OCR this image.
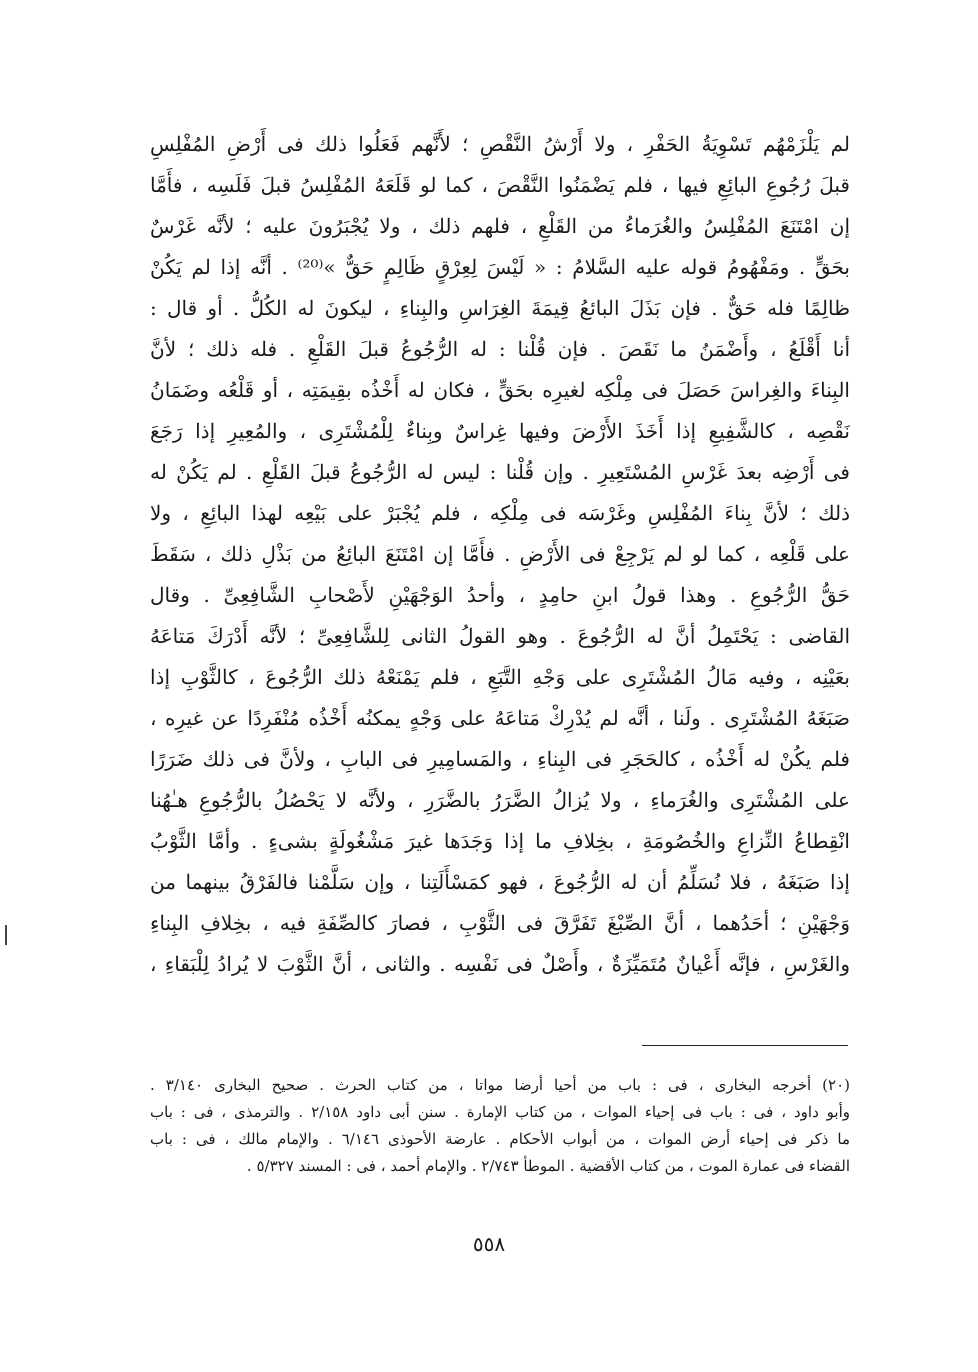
لم يَلْزَمْهُم تَسْوِيَةُ الحَفْرِ ، ولا أَرْشُ النَّقْصِ ؛ لأَنَّهم فَعَلُوا ذلك فى أَرْضِ المُفْلِسِ
قبلَ رُجُوعِ البائِعِ فيها ، فلم يَضْمَنُوا النَّقْصَ ، كما لو قَلَعَهُ المُفْلِسُ قبلَ فَلَسِه ، فأَمَّا
إن امْتَنَعَ المُفْلِسُ والغُرَماءُ من القَلْعِ ، فلهم ذلك ، ولا يُجْبَرُونَ عليه ؛ لأنَّه غَرْسٌ
بحَقٍّ . ومَفْهُومُ قوله عليه السَّلامُ : « لَيْسَ لِعِرْقٍ ظَالِمٍ حَقٌّ »⁽²⁰⁾ . أنَّه إذا لم يَكُنْ
ظالِمًا فله حَقٌّ . فإن بَذَلَ البائعُ قِيمَةَ الغِرَاسِ والبِناءِ ، ليكونَ له الكُلُّ . أو قال :
أنا أَقْلَعُ ، وأَضْمَنُ ما نَقَصَ . فإن قُلْنا : له الرُّجُوعُ قبلَ القَلْعِ . فله ذلك ؛ لأنَّ
البِناءَ والغِراسَ حَصَلَ فى مِلْكِه لغيرِه بحَقٍّ ، فكان له أَخْذُه بقِيمَتِه ، أو قَلْعُه وضَمَانُ
نَقْصِه ، كالشَّفِيعِ إذا أَخَذَ الأَرْضَ وفيها غِراسٌ وبِناءٌ لِلْمُشْتَرِى ، والمُعِيرِ إذا رَجَعَ
فى أَرْضِه بعدَ غَرْسِ المُسْتَعِيرِ . وإن قُلْنا : ليس له الرُّجُوعُ قبلَ القَلْعِ . لم يَكُنْ له
ذلك ؛ لأنَّ بِناءَ المُفْلِسِ وغَرْسَه فى مِلْكِه ، فلم يُجْبَرْ على بَيْعِه لهذا البائِعِ ، ولا
على قَلْعِه ، كما لو لم يَرْجِعْ فى الأَرْضِ . فأَمَّا إن امْتَنَعَ البائِعُ من بَذْلِ ذلك ، سَقَطَ
حَقُّ الرُّجُوعِ . وهذا قولُ ابنِ حامِدٍ ، وأحدُ الوَجْهَيْنِ لأَصْحابِ الشَّافِعِىِّ . وقال
القاضى : يَحْتَمِلُ أنَّ له الرُّجُوعَ . وهو القولُ الثانى لِلشَّافِعِىِّ ؛ لأنَّه أَدْرَكَ مَتاعَهُ
بعَيْنِه ، وفيه مَالُ المُشْتَرِى على وَجْهِ التَّبَعِ ، فلم يَمْنَعْهُ ذلك الرُّجُوعَ ، كالثَّوْبِ إذا
صَبَغَهُ المُشْتَرِى . ولَنا ، أنَّه لم يُدْرِكْ مَتاعَهُ على وَجْهٍ يمكنُه أَخْذُه مُنْفَرِدًا عن غيرِه ،
فلم يكُنْ له أَخْذُه ، كالحَجَرِ فى البِناءِ ، والمَسامِيرِ فى البابِ ، ولأنَّ فى ذلك ضَرَرًا
على المُشْتَرِى والغُرَماءِ ، ولا يُزالُ الضَّرَرُ بالضَّرَرِ ، ولأنَّه لا يَحْصُلُ بالرُّجُوعِ هـٰهُنا
انْقِطاعُ النِّزاعِ والخُصُومَةِ ، بخِلافِ ما إذا وَجَدَها غيرَ مَشْغُولَةٍ بشىءٍ . وأمَّا الثَّوْبُ
إذا صَبَغَهُ ، فلا نُسَلِّمُ أن له الرُّجُوعَ ، فهو كمَسْأَلَتِنا ، وإن سَلَّمْنا فالفَرْقُ بينهما من
وَجْهَيْنِ ؛ أحَدُهما ، أنَّ الصِّبْغَ تَفَرَّقَ فى الثَّوْبِ ، فصارَ كالصِّفَةِ فيه ، بخِلافِ البِناءِ
والغَرْسِ ، فإنَّه أَعْيانٌ مُتَمَيِّزَةٌ ، وأَصْلٌ فى نَفْسِه . والثانى ، أنَّ الثَّوْبَ لا يُرادُ لِلْبَقاءِ ،
(٢٠) أخرجه البخارى ، فى : باب من أحيا أرضا مواتا ، من كتاب الحرث . صحيح البخارى ٣/١٤٠ .
وأبو داود ، فى : باب فى إحياء الموات ، من كتاب الإمارة . سنن أبى داود ٢/١٥٨ . والترمذى ، فى : باب
ما ذكر فى إحياء أرض الموات ، من أبواب الأحكام . عارضة الأحوذى ٦/١٤٦ . والإمام مالك ، فى : باب
القضاء فى عمارة الموت ، من كتاب الأقضية . الموطأ ٢/٧٤٣ . والإمام أحمد ، فى : المسند ٥/٣٢٧ .
٥٥٨
